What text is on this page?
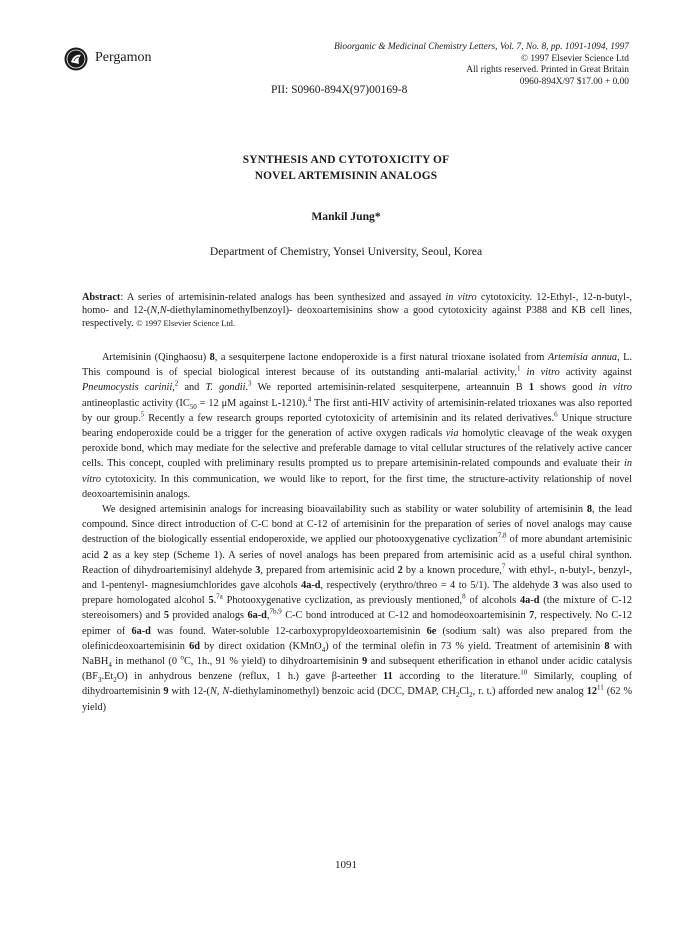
Pergamon
Bioorganic & Medicinal Chemistry Letters, Vol. 7, No. 8, pp. 1091-1094, 1997
© 1997 Elsevier Science Ltd
All rights reserved. Printed in Great Britain
0960-894X/97 $17.00 + 0.00
PII: S0960-894X(97)00169-8
SYNTHESIS AND CYTOTOXICITY OF
NOVEL ARTEMISININ ANALOGS
Mankil Jung*
Department of Chemistry, Yonsei University, Seoul, Korea
Abstract: A series of artemisinin-related analogs has been synthesized and assayed in vitro cytotoxicity. 12-Ethyl-, 12-n-butyl-, homo- and 12-(N,N-diethylaminomethylbenzoyl)- deoxoartemisinins show a good cytotoxicity against P388 and KB cell lines, respectively. © 1997 Elsevier Science Ltd.

Artemisinin (Qinghaosu) 8, a sesquiterpene lactone endoperoxide is a first natural trioxane isolated from Artemisia annua, L. This compound is of special biological interest because of its outstanding anti-malarial activity,$^1$ in vitro activity against Pneumocystis carinii,$^2$ and T. gondii.$^3$ We reported artemisinin-related sesquiterpene, arteannuin B 1 shows good in vitro antineoplastic activity ($IC_{50} = 12$ μM against L-1210).$^4$ The first anti-HIV activity of artemisinin-related trioxanes was also reported by our group.$^5$ Recently a few research groups reported cytotoxicity of artemisinin and its related derivatives.$^6$ Unique structure bearing endoperoxide could be a trigger for the generation of active oxygen radicals via homolytic cleavage of the weak oxygen peroxide bond, which may mediate for the selective and preferable damage to vital cellular structures of the relatively active cancer cells. This concept, coupled with preliminary results prompted us to prepare artemisinin-related compounds and evaluate their in vitro cytotoxicity. In this communication, we would like to report, for the first time, the structure-activity relationship of novel deoxoartemisinin analogs.

We designed artemisinin analogs for increasing bioavailability such as stability or water solubility of artemisinin 8, the lead compound. Since direct introduction of C-C bond at C-12 of artemisinin for the preparation of series of novel analogs may cause destruction of the biologically essential endoperoxide, we applied our photooxygenative cyclization$^{7,8}$ of more abundant artemisinic acid 2 as a key step (Scheme 1). A series of novel analogs has been prepared from artemisinic acid as a useful chiral synthon. Reaction of dihydroartemisinyl aldehyde 3, prepared from artemisinic acid 2 by a known procedure,$^7$ with ethyl-, n-butyl-, benzyl-, and 1-pentenyl- magnesiumchlorides gave alcohols 4a-d, respectively (erythro/threo = 4 to 5/1). The aldehyde 3 was also used to prepare homologated alcohol 5.$^{7a}$ Photooxygenative cyclization, as previously mentioned,$^8$ of alcohols 4a-d (the mixture of C-12 stereoisomers) and 5 provided analogs 6a-d,$^{7b,9}$ C-C bond introduced at C-12 and homodeoxoartemisinin 7, respectively. No C-12 epimer of 6a-d was found. Water-soluble 12-carboxypropyldeoxoartemisinin 6e (sodium salt) was also prepared from the olefinicdeoxoartemisinin 6d by direct oxidation (KMnO$_4$) of the terminal olefin in 73 % yield. Treatment of artemisinin 8 with NaBH$_4$ in methanol (0 $^o$C, 1h., 91 % yield) to dihydroartemisinin 9 and subsequent etherification in ethanol under acidic catalysis $(BF_3.Et_2O)$ in anhydrous benzene (reflux, 1 h.) gave β-arteether 11 according to the literature.$^{10}$ Similarly, coupling of dihydroartemisinin 9 with 12-(N, N-diethylaminomethyl) benzoic acid (DCC, DMAP, $CH_2Cl_2$, r. t.) afforded new analog $12^{11}$ (62 % yield)

1091
